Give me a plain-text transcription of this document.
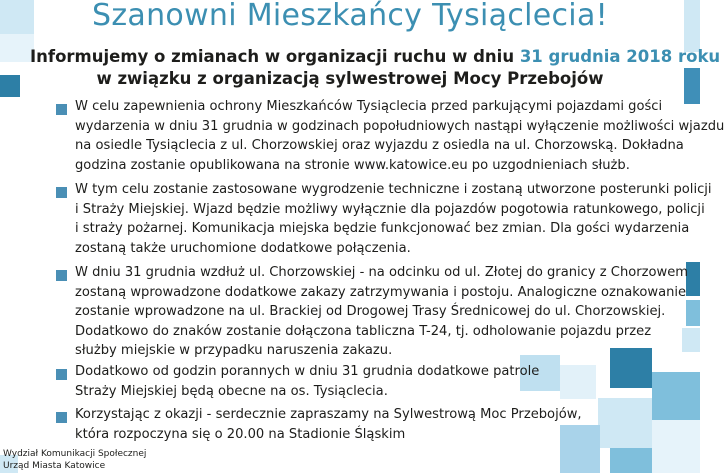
Szanowni Mieszkańcy Tysiąclecia!
Informujemy o zmianach w organizacji ruchu w dniu 31 grudnia 2018 roku
w związku z organizacją sylwestrowej Mocy Przebojów
W celu zapewnienia ochrony Mieszkańców Tysiąclecia przed parkującymi pojazdami gości
wydarzenia w dniu 31 grudnia w godzinach popołudniowych nastąpi wyłączenie możliwości wjazdu
na osiedle Tysiąclecia z ul. Chorzowskiej oraz wyjazdu z osiedla na ul. Chorzowską. Dokładna
godzina zostanie opublikowana na stronie www.katowice.eu po uzgodnieniach służb.
W tym celu zostanie zastosowane wygrodzenie techniczne i zostaną utworzone posterunki policji
i Straży Miejskiej. Wjazd będzie możliwy wyłącznie dla pojazdów pogotowia ratunkowego, policji
i straży pożarnej. Komunikacja miejska będzie funkcjonować bez zmian. Dla gości wydarzenia
zostaną także uruchomione dodatkowe połączenia.
W dniu 31 grudnia wzdłuż ul. Chorzowskiej - na odcinku od ul. Złotej do granicy z Chorzowem
zostaną wprowadzone dodatkowe zakazy zatrzymywania i postoju. Analogiczne oznakowanie
zostanie wprowadzone na ul. Brackiej od Drogowej Trasy Średnicowej do ul. Chorzowskiej.
Dodatkowo do znaków zostanie dołączona tabliczna T-24, tj. odholowanie pojazdu przez
służby miejskie w przypadku naruszenia zakazu.
Dodatkowo od godzin porannych w dniu 31 grudnia dodatkowe patrole
Straży Miejskiej będą obecne na os. Tysiąclecia.
Korzystając z okazji - serdecznie zapraszamy na Sylwestrową Moc Przebojów,
która rozpoczyna się o 20.00 na Stadionie Śląskim
Wydział Komunikacji Społecznej
Urząd Miasta Katowice
